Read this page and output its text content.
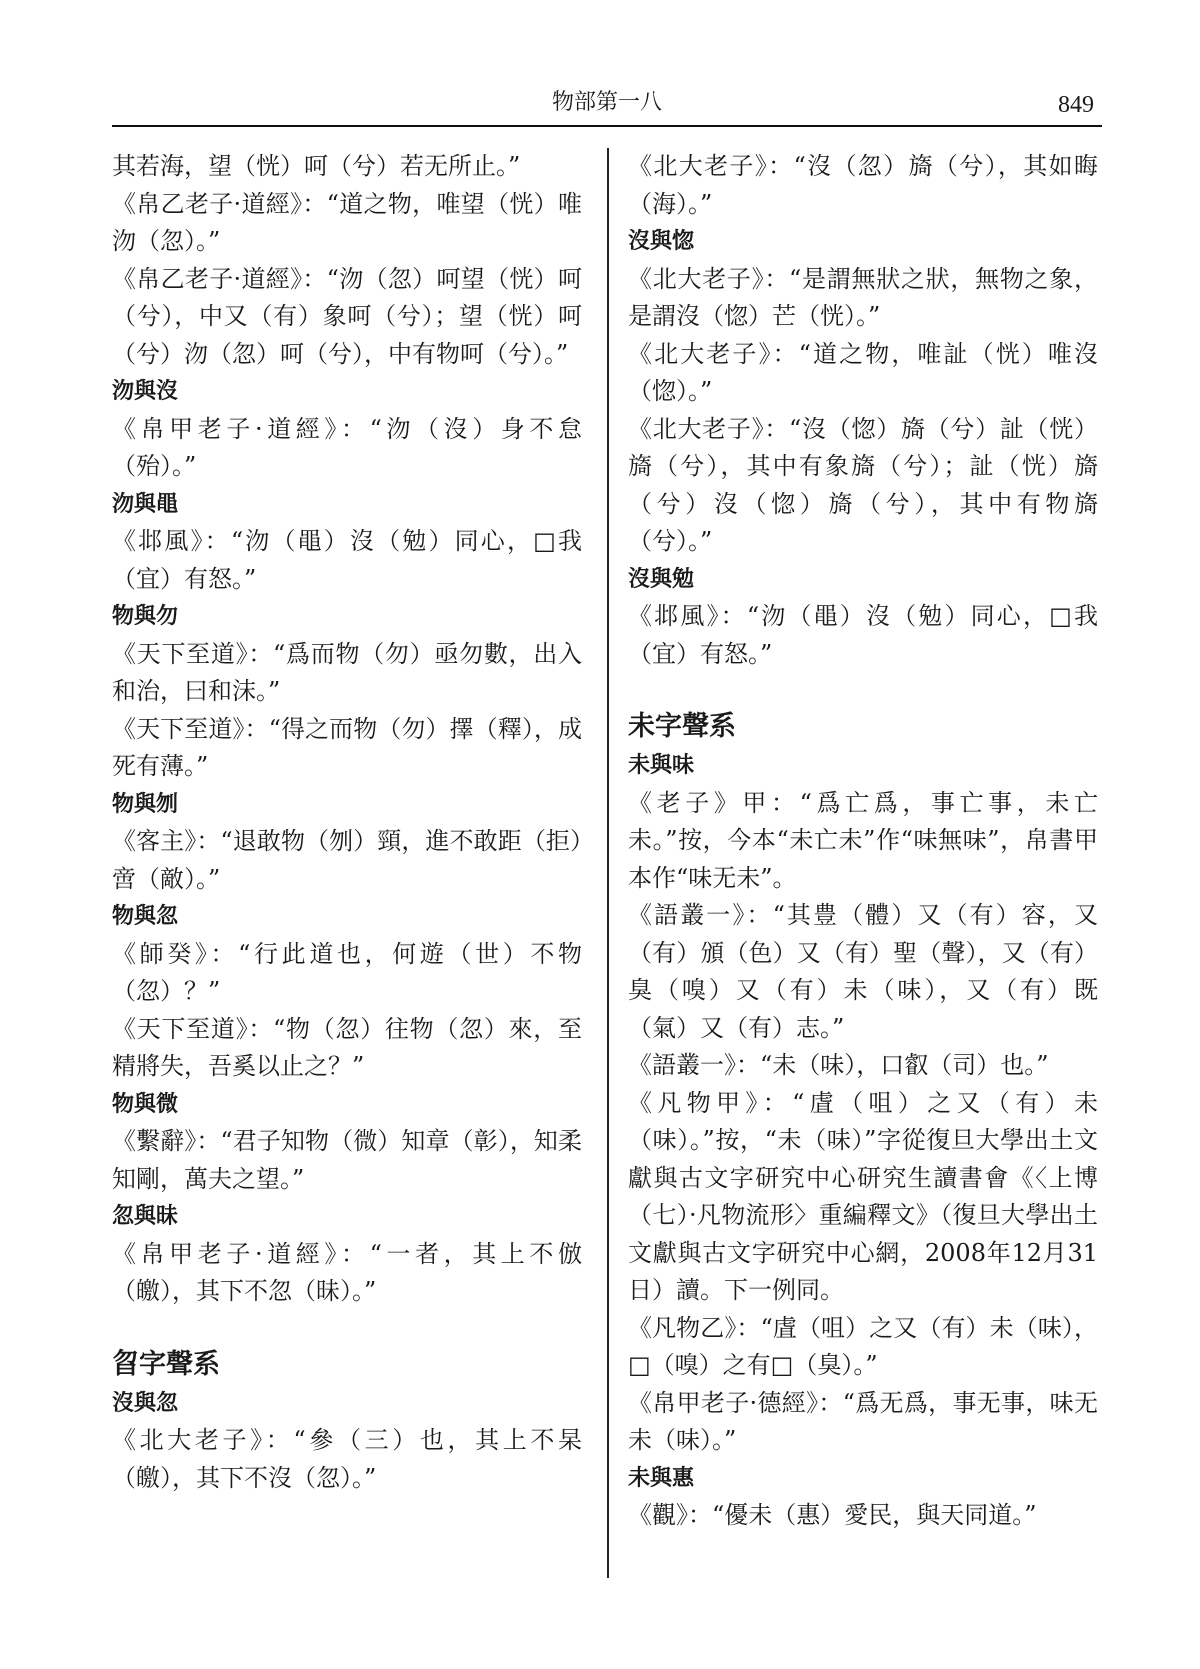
物部第一八	849
其若海，望（恍）呵（兮）若无所止。”
《帛乙老子·道經》：“道之物，唯望（恍）唯沕（忽）。”
《帛乙老子·道經》：“沕（忽）呵望（恍）呵（兮），中又（有）象呵（兮）；望（恍）呵（兮）沕（忽）呵（兮），中有物呵（兮）。”
沕與沒
《帛甲老子·道經》：“沕（沒）身不怠（殆）。”
沕與黽
《邶風》：“沕（黽）沒（勉）同心，□我（宜）有怒。”
物與勿
《天下至道》：“爲而物（勿）亟勿數，出入和治，曰和沫。”
《天下至道》：“得之而物（勿）擇（釋），成死有薄。”
物與刎
《客主》：“退敢物（刎）頸，進不敢距（拒）啻（敵）。”
物與忽
《師癸》：“行此道也，何遊（世）不物（忽）？”
《天下至道》：“物（忽）往物（忽）來，至精將失，吾奚以止之？”
物與微
《繫辭》：“君子知物（微）知章（彰），知柔知剛，萬夫之望。”
忽與昧
《帛甲老子·道經》：“一者，其上不倣（皦），其下不忽（昧）。”
㫚字聲系
沒與忽
《北大老子》：“參（三）也，其上不杲（皦），其下不沒（忽）。”
《北大老子》：“沒（忽）旖（兮），其如晦（海）。”
沒與惚
《北大老子》：“是謂無狀之狀，無物之象，是謂沒（惚）芒（恍）。”
《北大老子》：“道之物，唯訨（恍）唯沒（惚）。”
《北大老子》：“沒（惚）旖（兮）訨（恍）旖（兮），其中有象旖（兮）；訨（恍）旖（兮）沒（惚）旖（兮），其中有物旖（兮）。”
沒與勉
《邶風》：“沕（黽）沒（勉）同心，□我（宜）有怒。”
未字聲系
未與味
《老子》甲：“爲亡爲，事亡事，未亡未。”按，今本“未亡未”作“味無味”，帛書甲本作“味无未”。
《語叢一》：“其豊（體）又（有）容，又（有）頒（色）又（有）聖（聲），又（有）臭（嗅）又（有）未（味），又（有）既（氣）又（有）志。”
《語叢一》：“未（味），口叡（司）也。”
《凡物甲》：“虘（咀）之又（有）未（味）。”按，“未（味）”字從復旦大學出土文獻與古文字研究中心研究生讀書會《〈上博（七）·凡物流形〉重編釋文》（復旦大學出土文獻與古文字研究中心網，2008年12月31日）讀。下一例同。
《凡物乙》：“虘（咀）之又（有）未（味），□（嗅）之有□（臭）。”
《帛甲老子·德經》：“爲无爲，事无事，味无未（味）。”
未與惠
《觀》：“優未（惠）愛民，與天同道。”
